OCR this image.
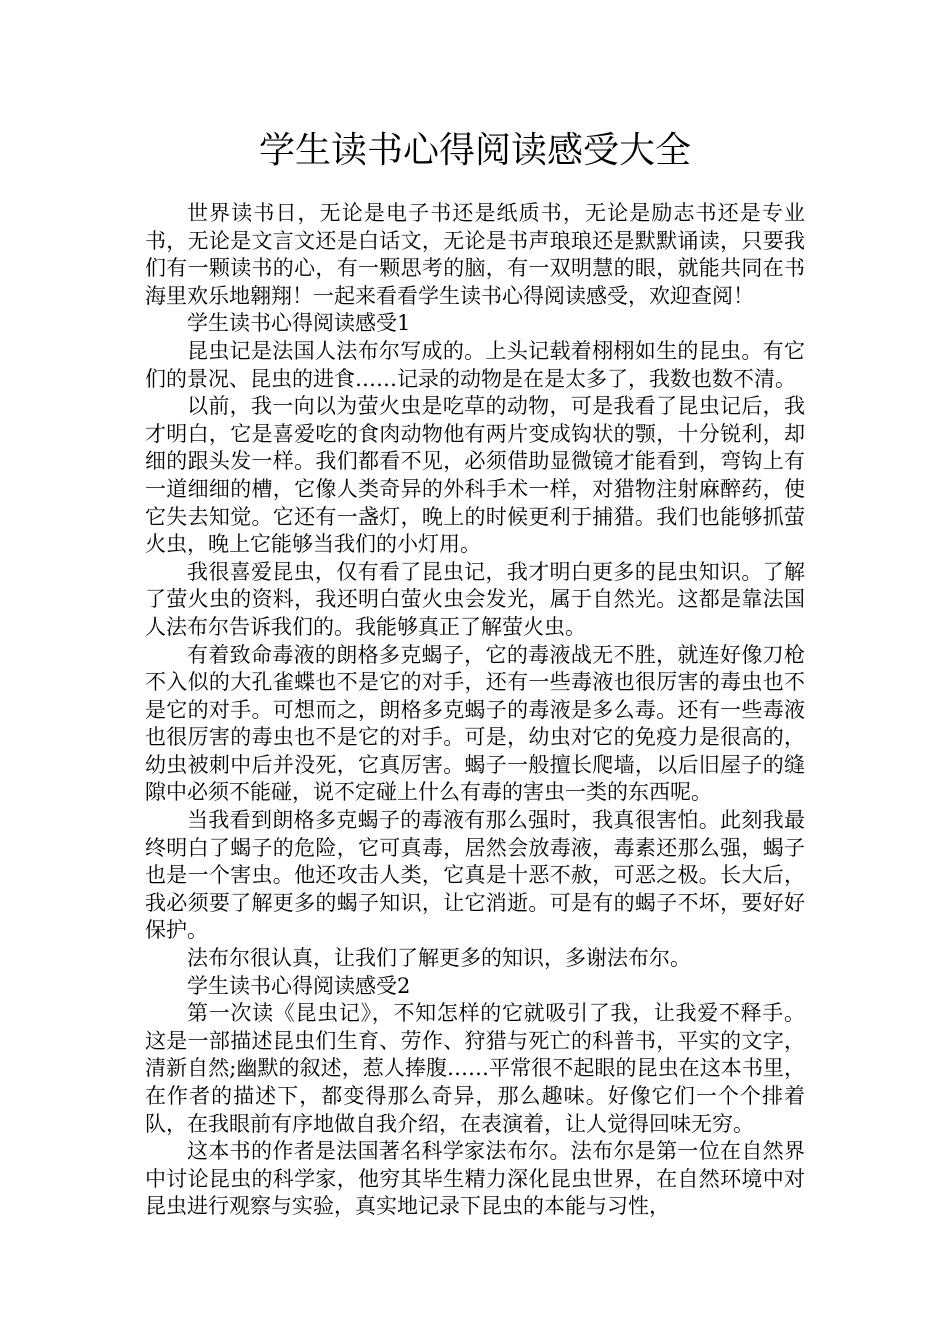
学生读书心得阅读感受大全

世界读书日，无论是电子书还是纸质书，无论是励志书还是专业书，无论是文言文还是白话文，无论是书声琅琅还是默默诵读，只要我们有一颗读书的心，有一颗思考的脑，有一双明慧的眼，就能共同在书海里欢乐地翱翔！一起来看看学生读书心得阅读感受，欢迎查阅！

学生读书心得阅读感受1

昆虫记是法国人法布尔写成的。上头记载着栩栩如生的昆虫。有它们的景况、昆虫的进食……记录的动物是在是太多了，我数也数不清。

以前，我一向以为萤火虫是吃草的动物，可是我看了昆虫记后，我才明白，它是喜爱吃的食肉动物他有两片变成钩状的颚，十分锐利，却细的跟头发一样。我们都看不见，必须借助显微镜才能看到，弯钩上有一道细细的槽，它像人类奇异的外科手术一样，对猎物注射麻醉药，使它失去知觉。它还有一盏灯，晚上的时候更利于捕猎。我们也能够抓萤火虫，晚上它能够当我们的小灯用。

我很喜爱昆虫，仅有看了昆虫记，我才明白更多的昆虫知识。了解了萤火虫的资料，我还明白萤火虫会发光，属于自然光。这都是靠法国人法布尔告诉我们的。我能够真正了解萤火虫。

有着致命毒液的朗格多克蝎子，它的毒液战无不胜，就连好像刀枪不入似的大孔雀蝶也不是它的对手，还有一些毒液也很厉害的毒虫也不是它的对手。可想而之，朗格多克蝎子的毒液是多么毒。还有一些毒液也很厉害的毒虫也不是它的对手。可是，幼虫对它的免疫力是很高的，幼虫被刺中后并没死，它真厉害。蝎子一般擅长爬墙，以后旧屋子的缝隙中必须不能碰，说不定碰上什么有毒的害虫一类的东西呢。

当我看到朗格多克蝎子的毒液有那么强时，我真很害怕。此刻我最终明白了蝎子的危险，它可真毒，居然会放毒液，毒素还那么强，蝎子也是一个害虫。他还攻击人类，它真是十恶不赦，可恶之极。长大后，我必须要了解更多的蝎子知识，让它消逝。可是有的蝎子不坏，要好好保护。

法布尔很认真，让我们了解更多的知识，多谢法布尔。

学生读书心得阅读感受2

第一次读《昆虫记》，不知怎样的它就吸引了我，让我爱不释手。这是一部描述昆虫们生育、劳作、狩猎与死亡的科普书，平实的文字，清新自然;幽默的叙述，惹人捧腹……平常很不起眼的昆虫在这本书里，在作者的描述下，都变得那么奇异，那么趣味。好像它们一个个排着队，在我眼前有序地做自我介绍，在表演着，让人觉得回味无穷。

这本书的作者是法国著名科学家法布尔。法布尔是第一位在自然界中讨论昆虫的科学家，他穷其毕生精力深化昆虫世界，在自然环境中对昆虫进行观察与实验，真实地记录下昆虫的本能与习性，
